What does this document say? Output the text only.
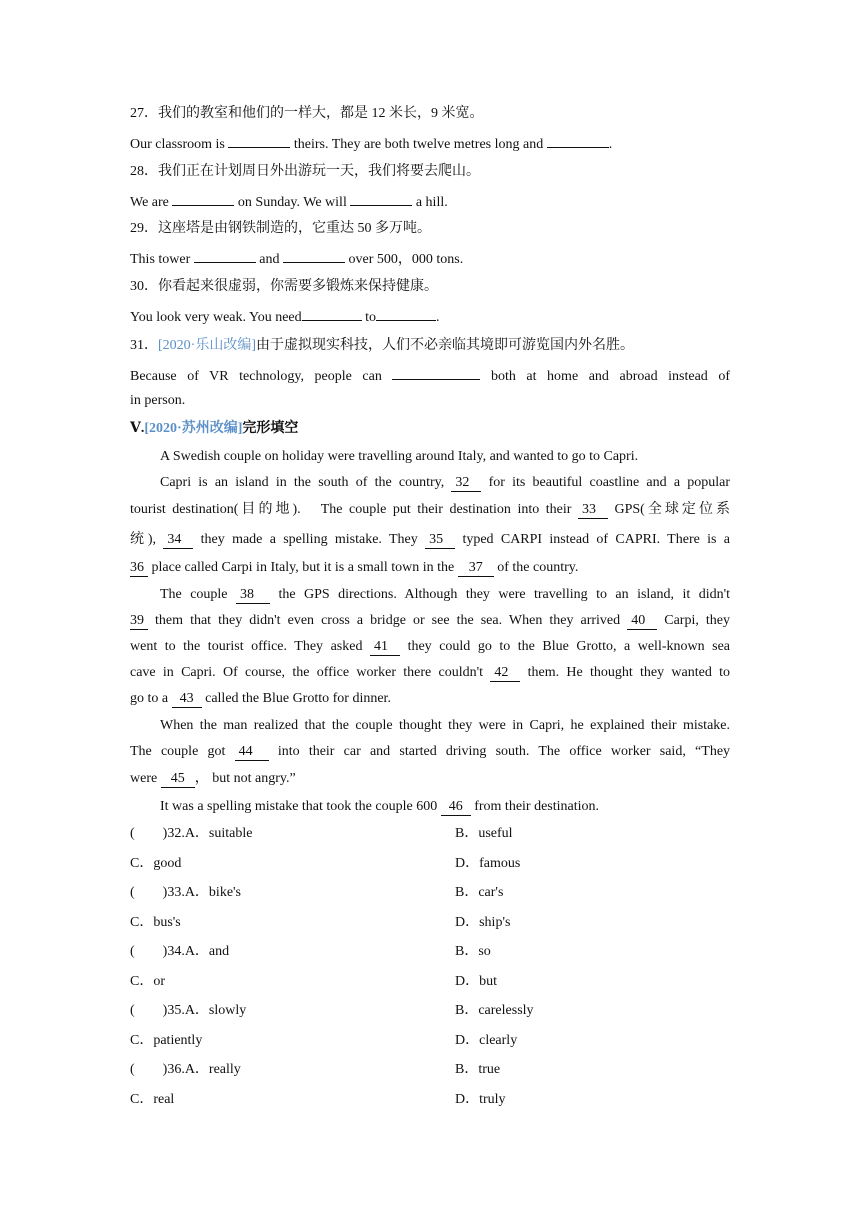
27．我们的教室和他们的一样大，都是 12 米长，9 米宽。
Our classroom is	theirs. They are both twelve metres long and	.
28．我们正在计划周日外出游玩一天，我们将要去爬山。
We are	on Sunday. We will	a hill.
29．这座塔是由钢铁制造的，它重达 50 多万吨。
This tower	and	over 500，000 tons.
30．你看起来很虚弱，你需要多锻炼来保持健康。
You look very weak. You need	to	.
31．[2020·乐山改编]由于虚拟现实科技，人们不必亲临其境即可游览国内外名胜。
Because of VR technology, people can	both at home and abroad instead of
in person.
Ⅴ.[2020·苏州改编]完形填空
A Swedish couple on holiday were travelling around Italy, and wanted to go to Capri.
Capri is an island in the south of the country, 32 for its beautiful coastline and a popular
tourist destination(目的地).　The couple put their destination into their 33 GPS(全球定位系
统), 34 they made a spelling mistake. They 35 typed CARPI instead of CAPRI. There is a
36 place called Carpi in Italy, but it is a small town in the 37 of the country.
The couple 38 the GPS directions. Although they were travelling to an island, it didn't
39 them that they didn't even cross a bridge or see the sea. When they arrived 40 Carpi, they
went to the tourist office. They asked 41 they could go to the Blue Grotto, a well-known sea
cave in Capri. Of course, the office worker there couldn't 42 them. He thought they wanted to
go to a 43 called the Blue Grotto for dinner.
When the man realized that the couple thought they were in Capri, he explained their mistake.
The couple got 44 into their car and started driving south. The office worker said, “They
were 45 ， but not angry.”
It was a spelling mistake that took the couple 600 46 from their destination.
(　　)32.A．suitable	B．useful
C．good	D．famous
(　　)33.A．bike's	B．car's
C．bus's	D．ship's
(　　)34.A．and	B．so
C．or	D．but
(　　)35.A．slowly	B．carelessly
C．patiently	D．clearly
(　　)36.A．really	B．true
C．real	D．truly
